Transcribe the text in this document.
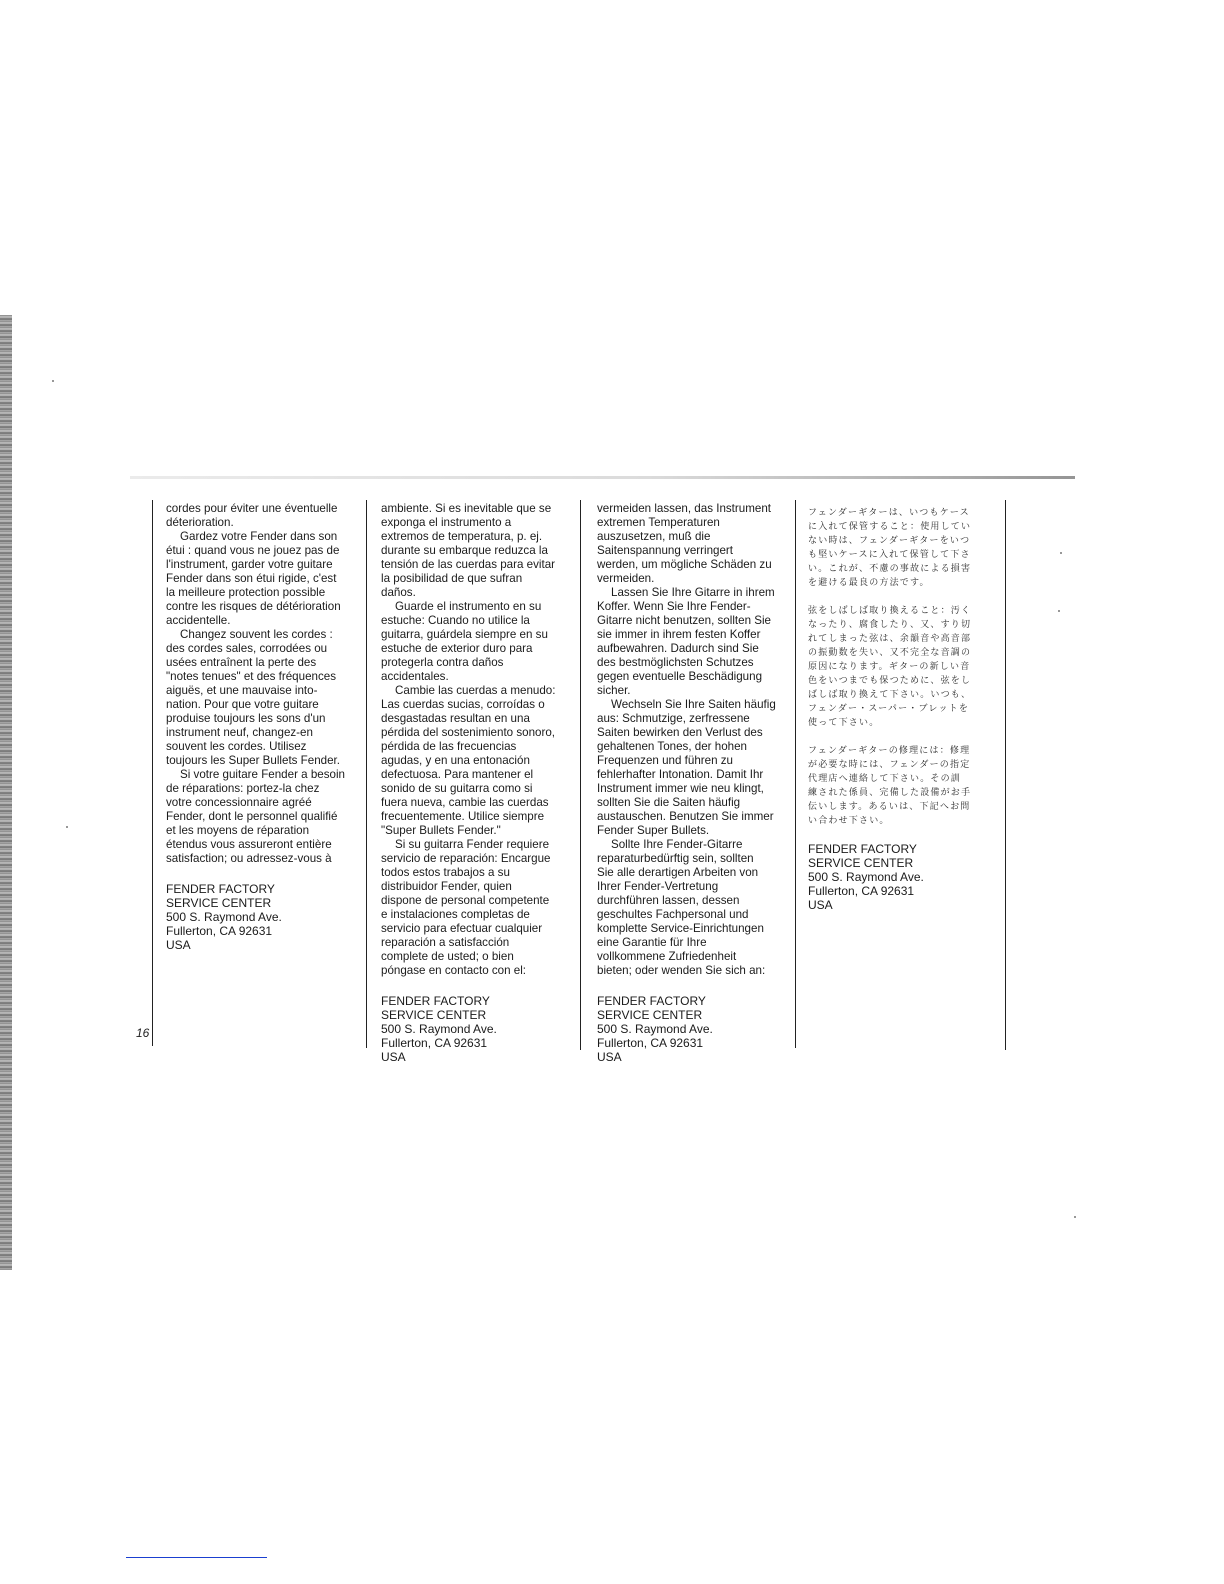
16

cordes pour éviter une éventuelle
déterioration.

Gardez votre Fender dans son
étui : quand vous ne jouez pas de
l'instrument, garder votre guitare
Fender dans son étui rigide, c'est
la meilleure protection possible
contre les risques de détérioration
accidentelle.

Changez souvent les cordes :
des cordes sales, corrodées ou
usées entraînent la perte des
"notes tenues" et des fréquences
aiguës, et une mauvaise into-
nation. Pour que votre guitare
produise toujours les sons d'un
instrument neuf, changez-en
souvent les cordes. Utilisez
toujours les Super Bullets Fender.

Si votre guitare Fender a besoin
de réparations: portez-la chez
votre concessionnaire agréé
Fender, dont le personnel qualifié
et les moyens de réparation
étendus vous assureront entière
satisfaction; ou adressez-vous à

FENDER FACTORY
SERVICE CENTER
500 S. Raymond Ave.
Fullerton, CA 92631
USA

ambiente. Si es inevitable que se
exponga el instrumento a
extremos de temperatura, p. ej.
durante su embarque reduzca la
tensión de las cuerdas para evitar
la posibilidad de que sufran
daños.

Guarde el instrumento en su
estuche: Cuando no utilice la
guitarra, guárdela siempre en su
estuche de exterior duro para
protegerla contra daños
accidentales.

Cambie las cuerdas a menudo:
Las cuerdas sucias, corroídas o
desgastadas resultan en una
pérdida del sostenimiento sonoro,
pérdida de las frecuencias
agudas, y en una entonación
defectuosa. Para mantener el
sonido de su guitarra como si
fuera nueva, cambie las cuerdas
frecuentemente. Utilice siempre
"Super Bullets Fender."

Si su guitarra Fender requiere
servicio de reparación: Encargue
todos estos trabajos a su
distribuidor Fender, quien
dispone de personal competente
e instalaciones completas de
servicio para efectuar cualquier
reparación a satisfacción
complete de usted; o bien
póngase en contacto con el:

FENDER FACTORY
SERVICE CENTER
500 S. Raymond Ave.
Fullerton, CA 92631
USA

vermeiden lassen, das Instrument
extremen Temperaturen
auszusetzen, muß die
Saitenspannung verringert
werden, um mögliche Schäden zu
vermeiden.

Lassen Sie Ihre Gitarre in ihrem
Koffer. Wenn Sie Ihre Fender-
Gitarre nicht benutzen, sollten Sie
sie immer in ihrem festen Koffer
aufbewahren. Dadurch sind Sie
des bestmöglichsten Schutzes
gegen eventuelle Beschädigung
sicher.

Wechseln Sie Ihre Saiten häufig
aus: Schmutzige, zerfressene
Saiten bewirken den Verlust des
gehaltenen Tones, der hohen
Frequenzen und führen zu
fehlerhafter Intonation. Damit Ihr
Instrument immer wie neu klingt,
sollten Sie die Saiten häufig
austauschen. Benutzen Sie immer
Fender Super Bullets.

Sollte Ihre Fender-Gitarre
reparaturbedürftig sein, sollten
Sie alle derartigen Arbeiten von
Ihrer Fender-Vertretung
durchführen lassen, dessen
geschultes Fachpersonal und
komplette Service-Einrichtungen
eine Garantie für Ihre
vollkommene Zufriedenheit
bieten; oder wenden Sie sich an:

FENDER FACTORY
SERVICE CENTER
500 S. Raymond Ave.
Fullerton, CA 92631
USA

フェンダーギターは、いつもケース
に入れて保管すること：使用してい
ない時は、フェンダーギターをいつ
も堅いケースに入れて保管して下さ
い。これが、不慮の事故による損害
を避ける最良の方法です。

弦をしばしば取り換えること：汚く
なったり、腐食したり、又、すり切
れてしまった弦は、余韻音や高音部
の振動数を失い、又不完全な音調の
原因になります。ギターの新しい音
色をいつまでも保つために、弦をし
ばしば取り換えて下さい。いつも、
フェンダー・スーパー・ブレットを
使って下さい。

フェンダーギターの修理には：修理
が必要な時には、フェンダーの指定
代理店へ連絡して下さい。その訓
練された係員、完備した設備がお手
伝いします。あるいは、下記へお問
い合わせ下さい。

FENDER FACTORY
SERVICE CENTER
500 S. Raymond Ave.
Fullerton, CA 92631
USA
